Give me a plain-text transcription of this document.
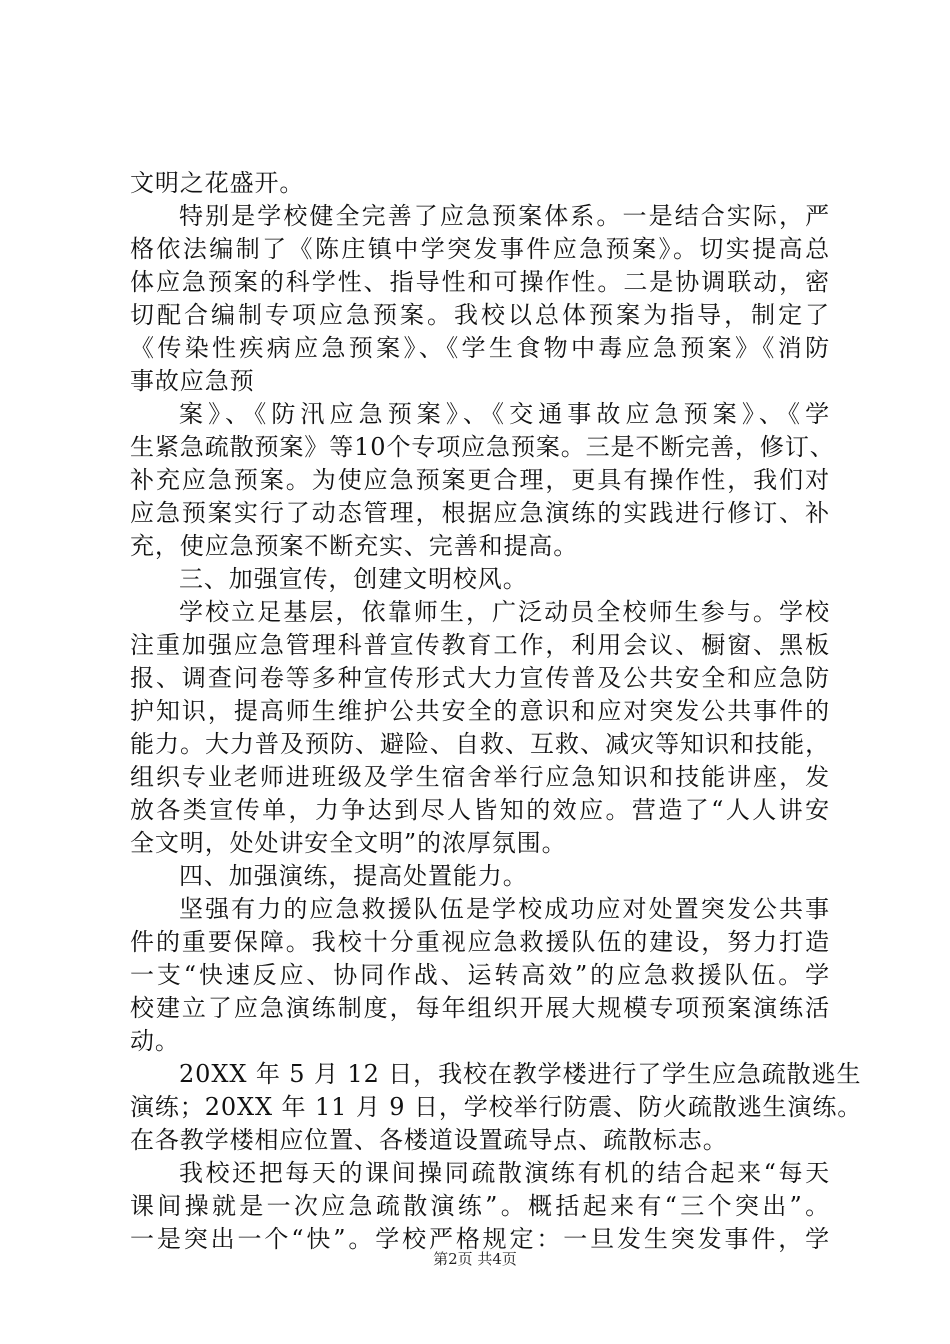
文明之花盛开。
特别是学校健全完善了应急预案体系。一是结合实际，严
格依法编制了《陈庄镇中学突发事件应急预案》。切实提高总
体应急预案的科学性、指导性和可操作性。二是协调联动，密
切配合编制专项应急预案。我校以总体预案为指导，制定了
《传染性疾病应急预案》、《学生食物中毒应急预案》《消防
事故应急预
案》、《防汛应急预案》、《交通事故应急预案》、《学
生紧急疏散预案》等10个专项应急预案。三是不断完善，修订、
补充应急预案。为使应急预案更合理，更具有操作性，我们对
应急预案实行了动态管理，根据应急演练的实践进行修订、补
充，使应急预案不断充实、完善和提高。
三、加强宣传，创建文明校风。
学校立足基层，依靠师生，广泛动员全校师生参与。学校
注重加强应急管理科普宣传教育工作，利用会议、橱窗、黑板
报、调查问卷等多种宣传形式大力宣传普及公共安全和应急防
护知识，提高师生维护公共安全的意识和应对突发公共事件的
能力。大力普及预防、避险、自救、互救、减灾等知识和技能，
组织专业老师进班级及学生宿舍举行应急知识和技能讲座，发
放各类宣传单，力争达到尽人皆知的效应。营造了“人人讲安
全文明，处处讲安全文明”的浓厚氛围。
四、加强演练，提高处置能力。
坚强有力的应急救援队伍是学校成功应对处置突发公共事
件的重要保障。我校十分重视应急救援队伍的建设，努力打造
一支“快速反应、协同作战、运转高效”的应急救援队伍。学
校建立了应急演练制度，每年组织开展大规模专项预案演练活
动。
20XX 年 5 月 12 日，我校在教学楼进行了学生应急疏散逃生
演练；20XX 年 11 月 9 日，学校举行防震、防火疏散逃生演练。
在各教学楼相应位置、各楼道设置疏导点、疏散标志。
我校还把每天的课间操同疏散演练有机的结合起来“每天
课间操就是一次应急疏散演练”。概括起来有“三个突出”。
一是突出一个“快”。学校严格规定：一旦发生突发事件，学
第2页 共4页
